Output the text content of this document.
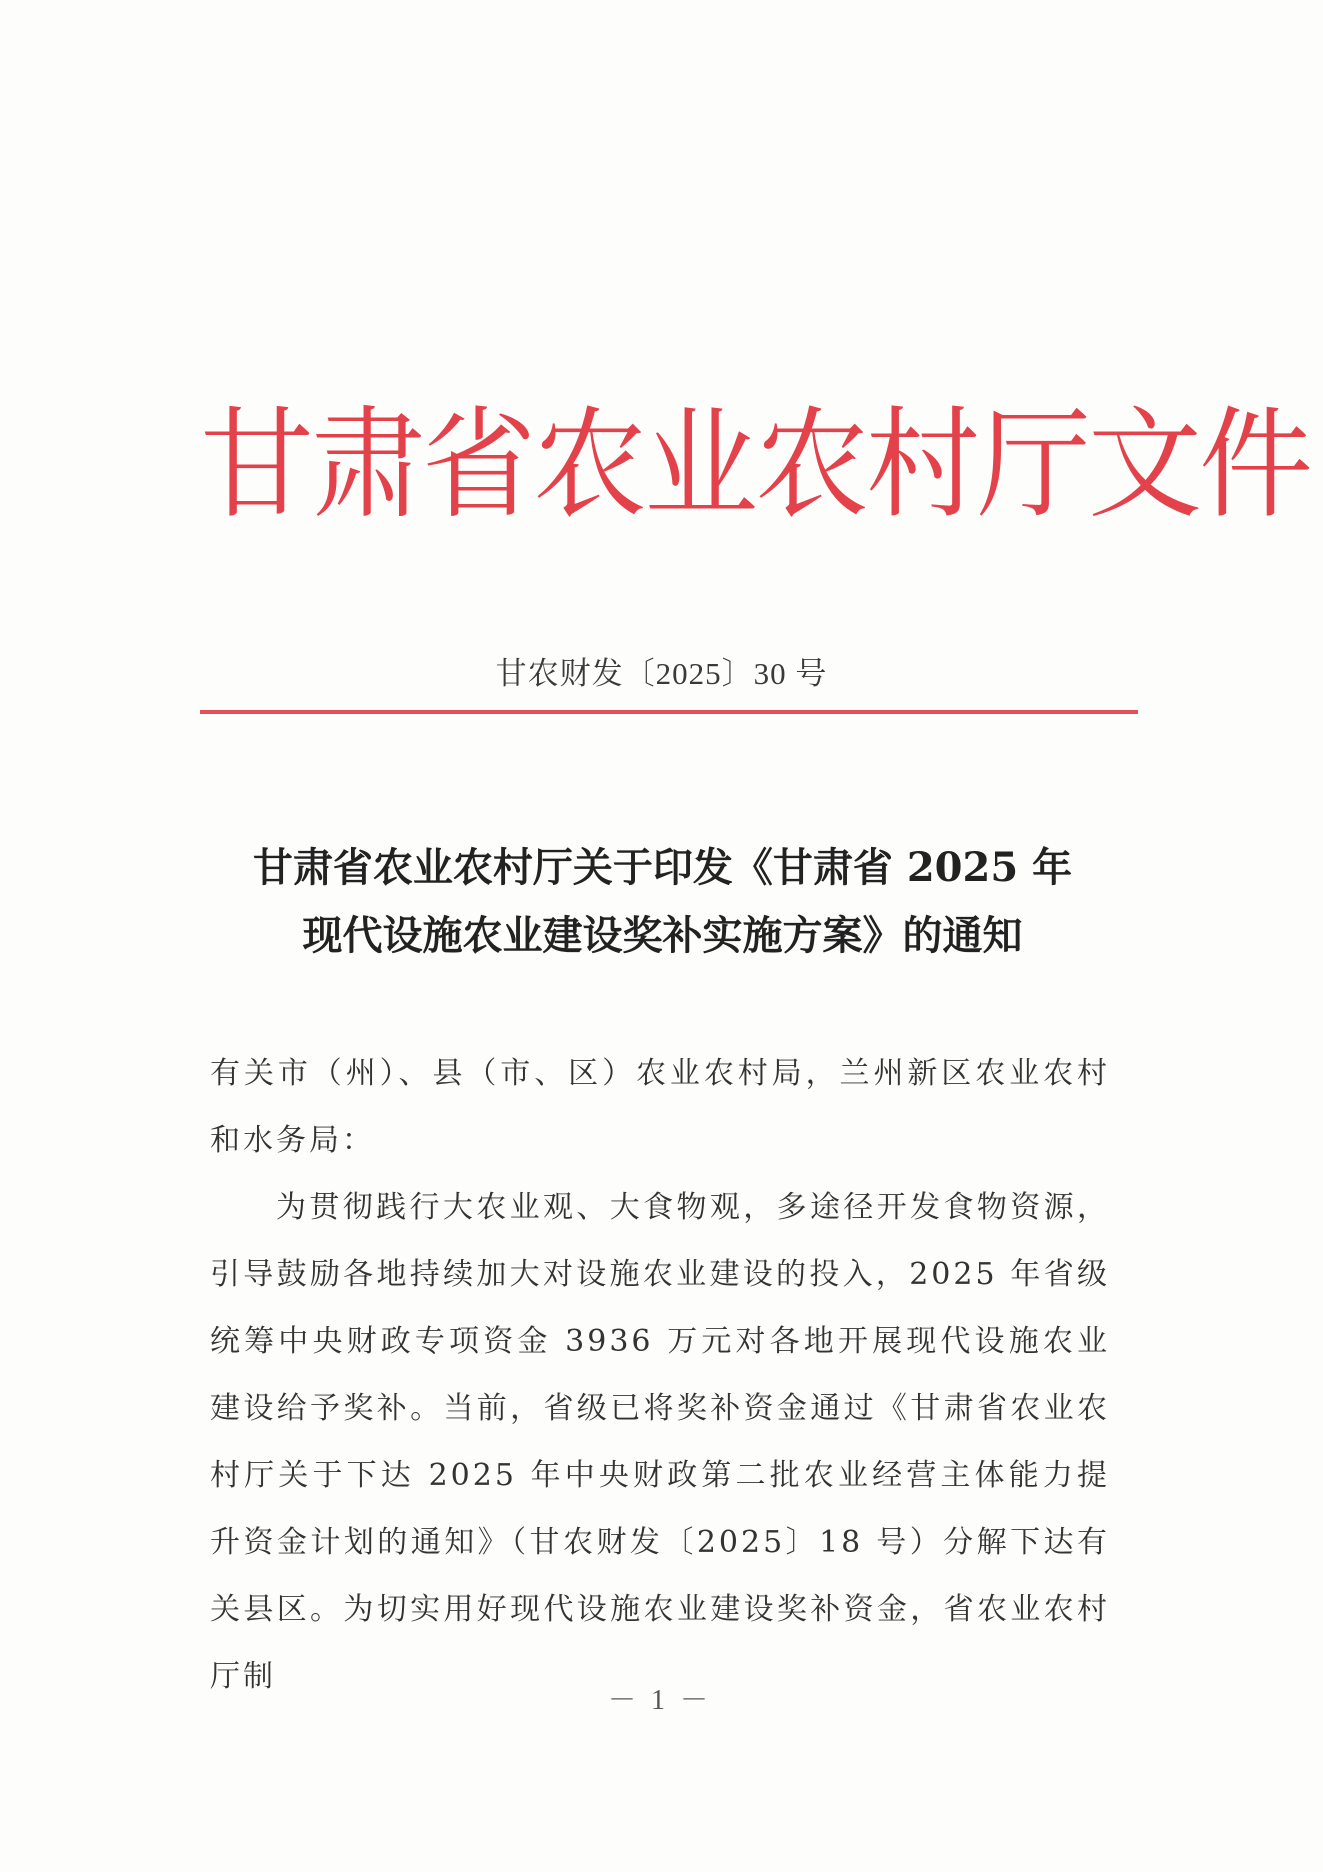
甘肃省农业农村厅文件
甘农财发〔2025〕30 号
甘肃省农业农村厅关于印发《甘肃省 2025 年
现代设施农业建设奖补实施方案》的通知

有关市（州）、县（市、区）农业农村局，兰州新区农业农村和水务局：

为贯彻践行大农业观、大食物观，多途径开发食物资源，引导鼓励各地持续加大对设施农业建设的投入，2025 年省级统筹中央财政专项资金 3936 万元对各地开展现代设施农业建设给予奖补。当前，省级已将奖补资金通过《甘肃省农业农村厅关于下达 2025 年中央财政第二批农业经营主体能力提升资金计划的通知》（甘农财发〔2025〕18 号）分解下达有关县区。为切实用好现代设施农业建设奖补资金，省农业农村厅制

－ 1 －
